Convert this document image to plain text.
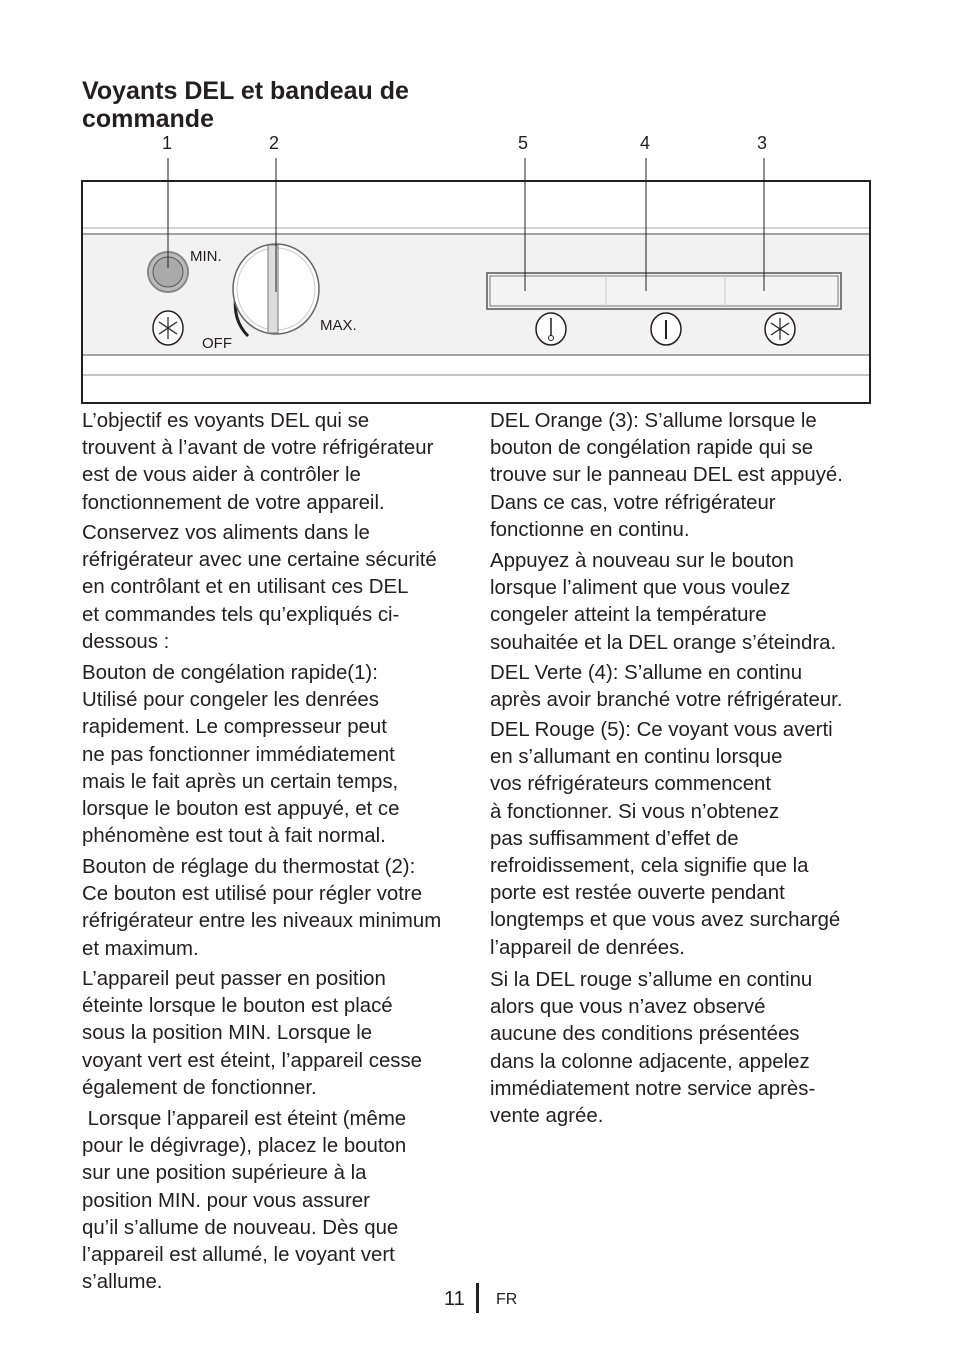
Voyants DEL et bandeau de
commande
MIN.
OFF
MAX.
1	2	5	4	3
L’objectif es voyants DEL qui se
trouvent à l’avant de votre réfrigérateur
est de vous aider à contrôler le
fonctionnement de votre appareil.
Conservez vos aliments dans le
réfrigérateur avec une certaine sécurité
en contrôlant et en utilisant ces DEL
et commandes tels qu’expliqués ci-
dessous :
Bouton de congélation rapide(1):
Utilisé pour congeler les denrées
rapidement. Le compresseur peut
ne pas fonctionner immédiatement
mais le fait après un certain temps,
lorsque le bouton est appuyé, et ce
phénomène est tout à fait normal.
Bouton de réglage du thermostat (2):
Ce bouton est utilisé pour régler votre
réfrigérateur entre les niveaux minimum
et maximum.
L’appareil peut passer en position
éteinte lorsque le bouton est placé
sous la position MIN. Lorsque le
voyant vert est éteint, l’appareil cesse
également de fonctionner.
Lorsque l’appareil est éteint (même
pour le dégivrage), placez le bouton
sur une position supérieure à la
position MIN. pour vous assurer
qu’il s’allume de nouveau. Dès que
l’appareil est allumé, le voyant vert
s’allume.
DEL Orange (3): S’allume lorsque le
bouton de congélation rapide qui se
trouve sur le panneau DEL est appuyé.
Dans ce cas, votre réfrigérateur
fonctionne en continu.
Appuyez à nouveau sur le bouton
lorsque l’aliment que vous voulez
congeler atteint la température
souhaitée et la DEL orange s’éteindra.
DEL Verte (4): S’allume en continu
après avoir branché votre réfrigérateur.
DEL Rouge (5): Ce voyant vous averti
en s’allumant en continu lorsque
vos réfrigérateurs commencent
à fonctionner. Si vous n’obtenez
pas suffisamment d’effet de
refroidissement, cela signifie que la
porte est restée ouverte pendant
longtemps et que vous avez surchargé
l’appareil de denrées.
Si la DEL rouge s’allume en continu
alors que vous n’avez observé
aucune des conditions présentées
dans la colonne adjacente, appelez
immédiatement notre service après-
vente agrée.
11 FR
